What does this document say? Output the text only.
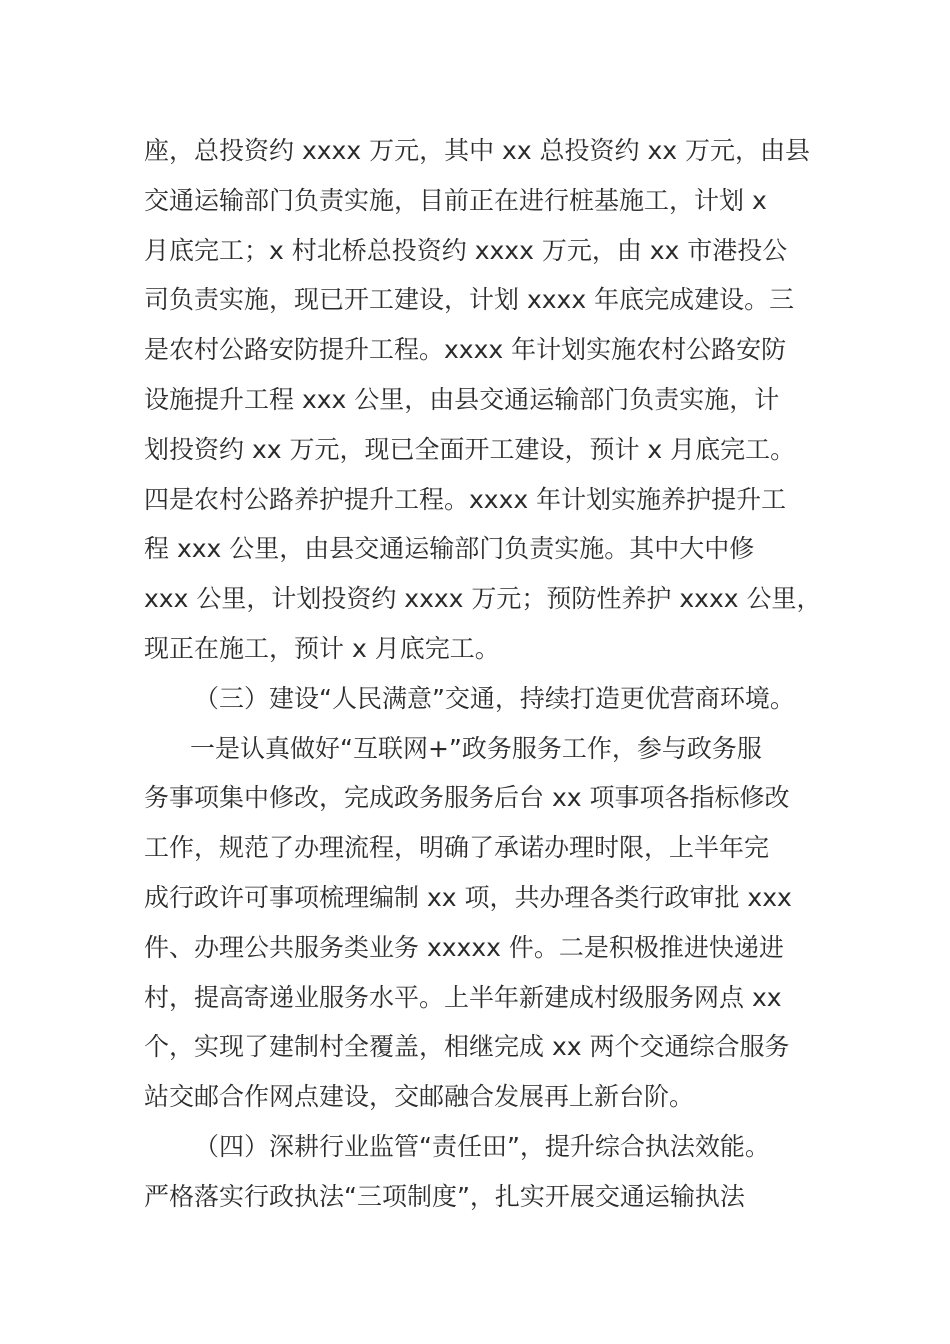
座，总投资约 xxxx 万元，其中 xx 总投资约 xx 万元，由县
交通运输部门负责实施，目前正在进行桩基施工，计划 x
月底完工；x 村北桥总投资约 xxxx 万元，由 xx 市港投公
司负责实施，现已开工建设，计划 xxxx 年底完成建设。三
是农村公路安防提升工程。xxxx 年计划实施农村公路安防
设施提升工程 xxx 公里，由县交通运输部门负责实施，计
划投资约 xx 万元，现已全面开工建设，预计 x 月底完工。
四是农村公路养护提升工程。xxxx 年计划实施养护提升工
程 xxx 公里，由县交通运输部门负责实施。其中大中修
xxx 公里，计划投资约 xxxx 万元；预防性养护 xxxx 公里，
现正在施工，预计 x 月底完工。
（三）建设“人民满意”交通，持续打造更优营商环境。
一是认真做好“互联网+”政务服务工作，参与政务服
务事项集中修改，完成政务服务后台 xx 项事项各指标修改
工作，规范了办理流程，明确了承诺办理时限，上半年完
成行政许可事项梳理编制 xx 项，共办理各类行政审批 xxx
件、办理公共服务类业务 xxxxx 件。二是积极推进快递进
村，提高寄递业服务水平。上半年新建成村级服务网点 xx
个，实现了建制村全覆盖，相继完成 xx 两个交通综合服务
站交邮合作网点建设，交邮融合发展再上新台阶。
（四）深耕行业监管“责任田”，提升综合执法效能。
严格落实行政执法“三项制度”，扎实开展交通运输执法
